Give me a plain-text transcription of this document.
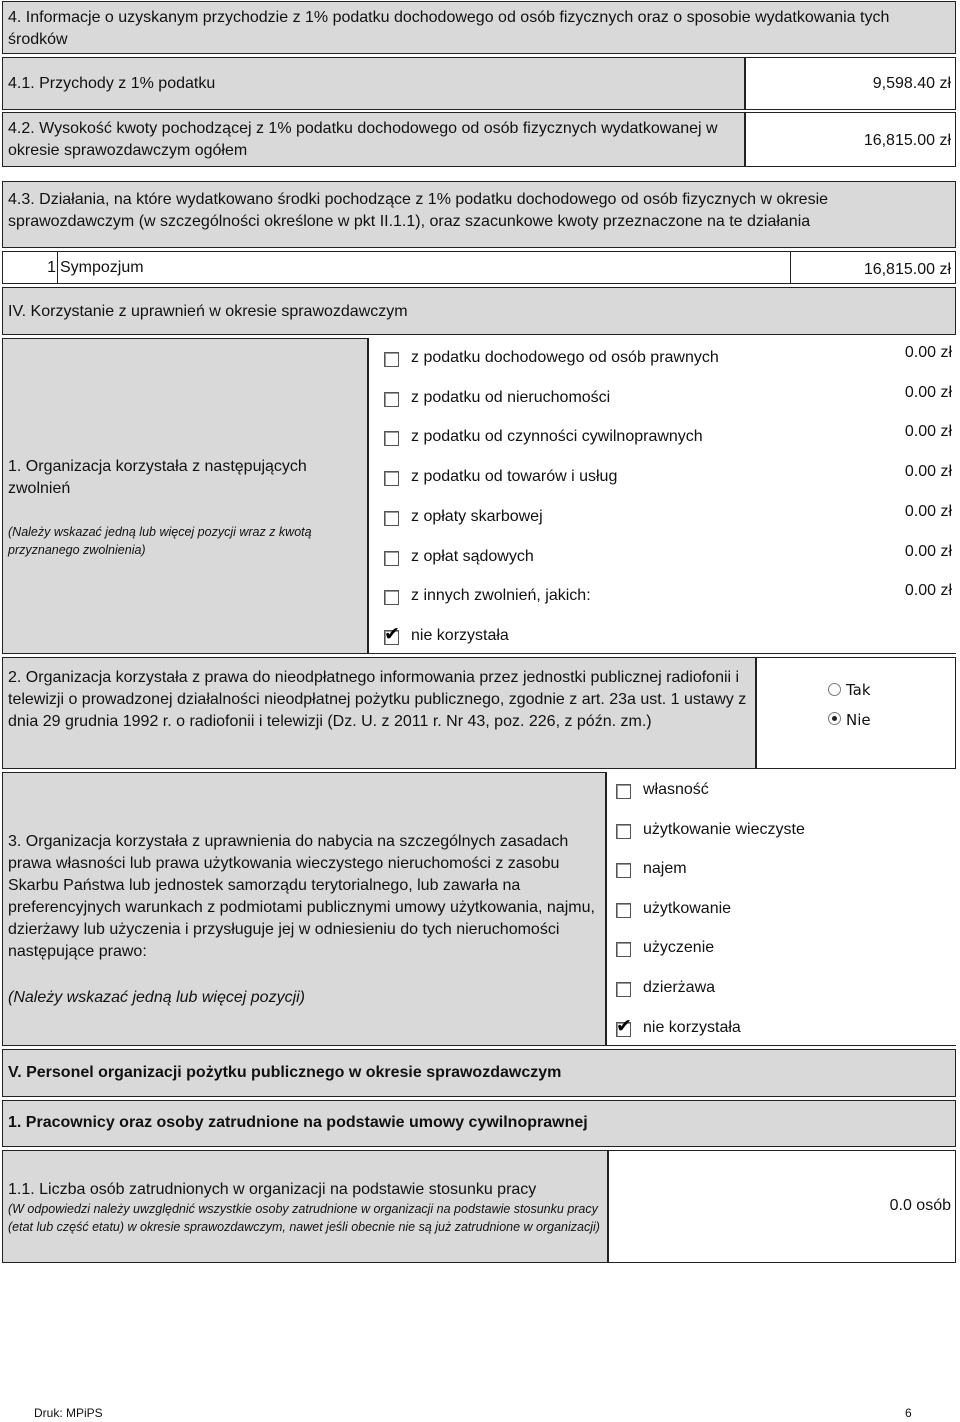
4. Informacje o uzyskanym przychodzie z 1% podatku dochodowego od osób fizycznych oraz o sposobie wydatkowania tych środków
4.1. Przychody z 1% podatku	9,598.40 zł
4.2. Wysokość kwoty pochodzącej z 1% podatku dochodowego od osób fizycznych wydatkowanej w okresie sprawozdawczym ogółem
16,815.00 zł
4.3. Działania, na które wydatkowano środki pochodzące z 1% podatku dochodowego od osób fizycznych w okresie sprawozdawczym (w szczególności określone w pkt II.1.1), oraz szacunkowe kwoty przeznaczone na te działania
1 Sympozjum	16,815.00 zł
IV. Korzystanie z uprawnień w okresie sprawozdawczym
1. Organizacja korzystała z następujących zwolnień
(Należy wskazać jedną lub więcej pozycji wraz z kwotą przyznanego zwolnienia)
z podatku dochodowego od osób prawnych	0.00 zł
z podatku od nieruchomości	0.00 zł
z podatku od czynności cywilnoprawnych	0.00 zł
z podatku od towarów i usług	0.00 zł
z opłaty skarbowej	0.00 zł
z opłat sądowych	0.00 zł
z innych zwolnień, jakich:	0.00 zł
✔ nie korzystała
2. Organizacja korzystała z prawa do nieodpłatnego informowania przez jednostki publicznej radiofonii i telewizji o prowadzonej działalności nieodpłatnej pożytku publicznego, zgodnie z art. 23a ust. 1 ustawy z dnia 29 grudnia 1992 r. o radiofonii i telewizji (Dz. U. z 2011 r. Nr 43, poz. 226, z późn. zm.)
Tak
Nie
3. Organizacja korzystała z uprawnienia do nabycia na szczególnych zasadach prawa własności lub prawa użytkowania wieczystego nieruchomości z zasobu Skarbu Państwa lub jednostek samorządu terytorialnego, lub zawarła na preferencyjnych warunkach z podmiotami publicznymi umowy użytkowania, najmu, dzierżawy lub użyczenia i przysługuje jej w odniesieniu do tych nieruchomości następujące prawo:
(Należy wskazać jedną lub więcej pozycji)
własność
użytkowanie wieczyste
najem
użytkowanie
użyczenie
dzierżawa
✔ nie korzystała
V. Personel organizacji pożytku publicznego w okresie sprawozdawczym
1. Pracownicy oraz osoby zatrudnione na podstawie umowy cywilnoprawnej
1.1. Liczba osób zatrudnionych w organizacji na podstawie stosunku pracy
(W odpowiedzi należy uwzględnić wszystkie osoby zatrudnione w organizacji na podstawie stosunku pracy (etat lub część etatu) w okresie sprawozdawczym, nawet jeśli obecnie nie są już zatrudnione w organizacji)
0.0 osób
Druk: MPiPS	6
